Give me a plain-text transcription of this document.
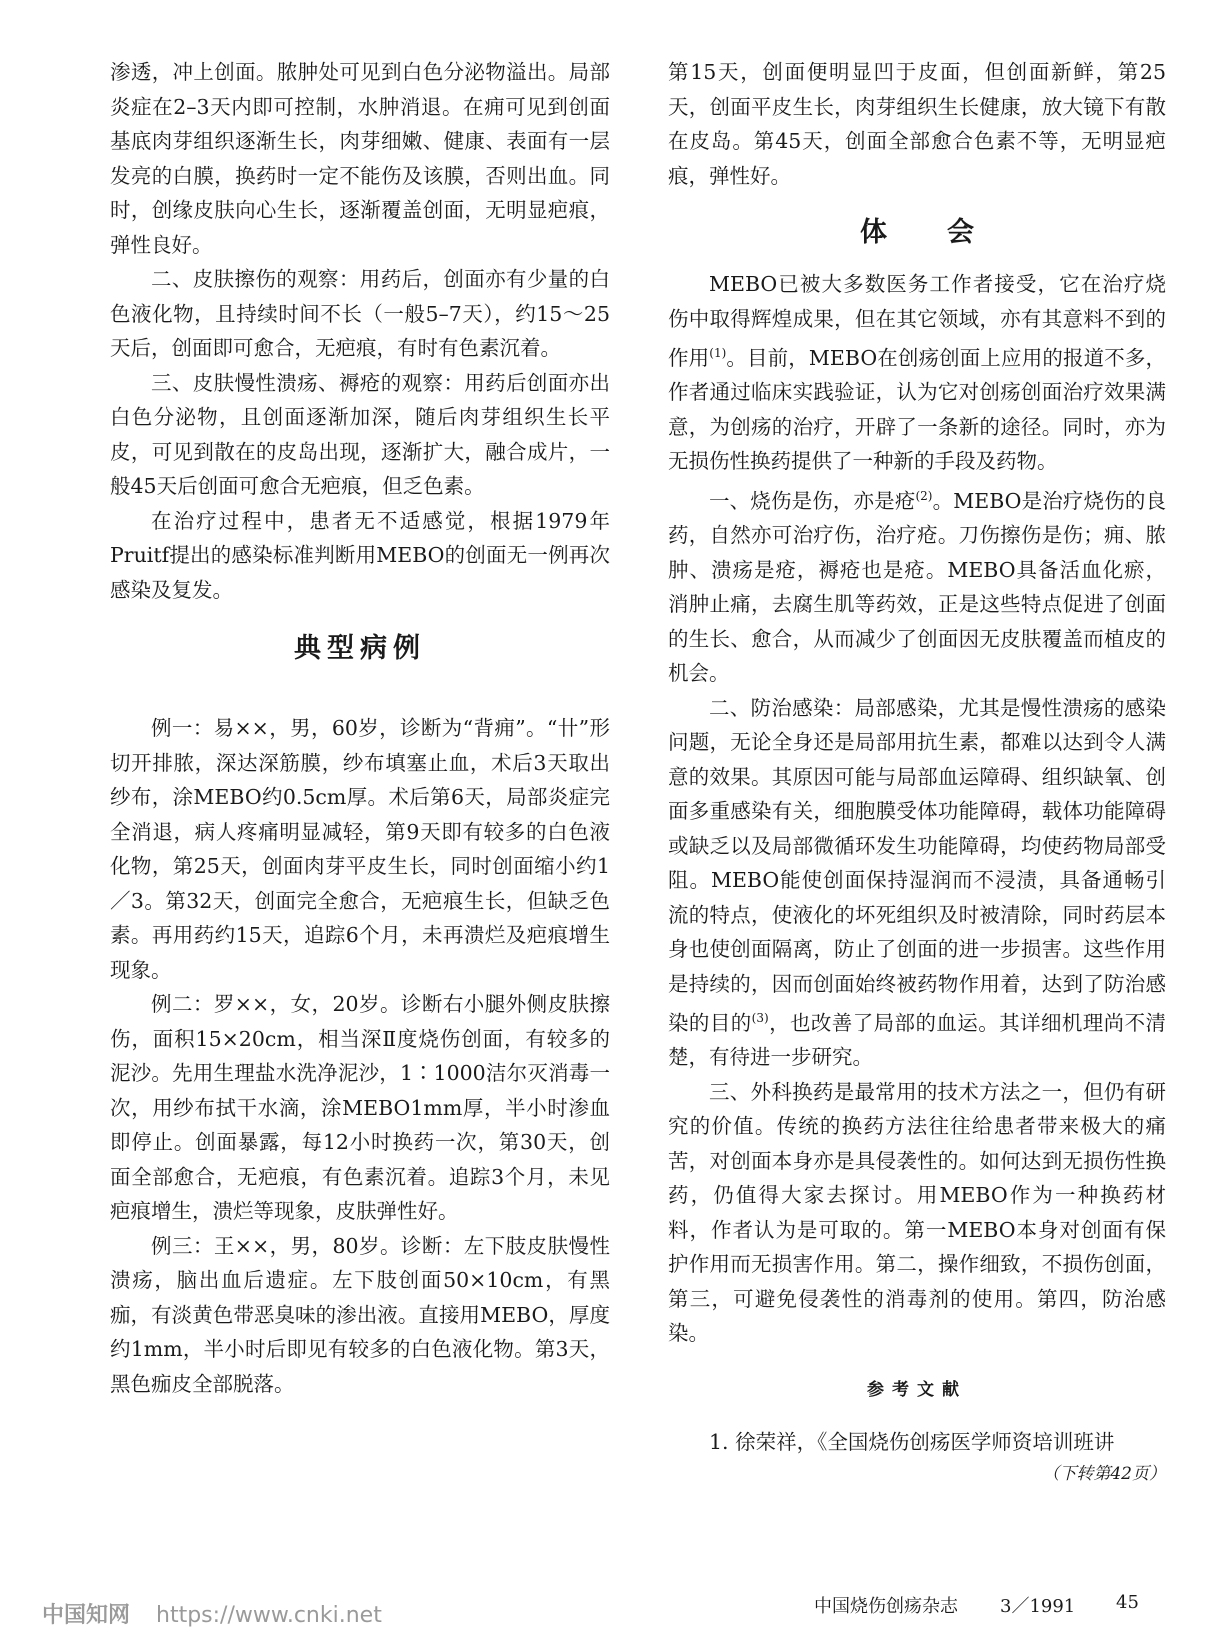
渗透，冲上创面。脓肿处可见到白色分泌物溢出。局部炎症在2–3天内即可控制，水肿消退。在痈可见到创面基底肉芽组织逐渐生长，肉芽细嫩、健康、表面有一层发亮的白膜，换药时一定不能伤及该膜，否则出血。同时，创缘皮肤向心生长，逐渐覆盖创面，无明显疤痕，弹性良好。

二、皮肤擦伤的观察：用药后，创面亦有少量的白色液化物，且持续时间不长（一般5–7天），约15～25天后，创面即可愈合，无疤痕，有时有色素沉着。

三、皮肤慢性溃疡、褥疮的观察：用药后创面亦出白色分泌物，且创面逐渐加深，随后肉芽组织生长平皮，可见到散在的皮岛出现，逐渐扩大，融合成片，一般45天后创面可愈合无疤痕，但乏色素。

在治疗过程中，患者无不适感觉，根据1979年Pruitf提出的感染标准判断用MEBO的创面无一例再次感染及复发。

典型病例

例一：易××，男，60岁，诊断为“背痈”。“卄”形切开排脓，深达深筋膜，纱布填塞止血，术后3天取出纱布，涂MEBO约0.5cm厚。术后第6天，局部炎症完全消退，病人疼痛明显减轻，第9天即有较多的白色液化物，第25天，创面肉芽平皮生长，同时创面缩小约1／3。第32天，创面完全愈合，无疤痕生长，但缺乏色素。再用药约15天，追踪6个月，未再溃烂及疤痕增生现象。

例二：罗××，女，20岁。诊断右小腿外侧皮肤擦伤，面积15×20cm，相当深Ⅱ度烧伤创面，有较多的泥沙。先用生理盐水洗净泥沙，1∶1000洁尔灭消毒一次，用纱布拭干水滴，涂MEBO1mm厚，半小时渗血即停止。创面暴露，每12小时换药一次，第30天，创面全部愈合，无疤痕，有色素沉着。追踪3个月，未见疤痕增生，溃烂等现象，皮肤弹性好。

例三：王××，男，80岁。诊断：左下肢皮肤慢性溃疡，脑出血后遗症。左下肢创面50×10cm，有黑痂，有淡黄色带恶臭味的渗出液。直接用MEBO，厚度约1mm，半小时后即见有较多的白色液化物。第3天，黑色痂皮全部脱落。

第15天，创面便明显凹于皮面，但创面新鲜，第25天，创面平皮生长，肉芽组织生长健康，放大镜下有散在皮岛。第45天，创面全部愈合色素不等，无明显疤痕，弹性好。

体会

MEBO已被大多数医务工作者接受，它在治疗烧伤中取得辉煌成果，但在其它领域，亦有其意料不到的作用$^{(1)}$。目前，MEBO在创疡创面上应用的报道不多，作者通过临床实践验证，认为它对创疡创面治疗效果满意，为创疡的治疗，开辟了一条新的途径。同时，亦为无损伤性换药提供了一种新的手段及药物。

一、烧伤是伤，亦是疮$^{(2)}$。MEBO是治疗烧伤的良药，自然亦可治疗伤，治疗疮。刀伤擦伤是伤；痈、脓肿、溃疡是疮，褥疮也是疮。MEBO具备活血化瘀，消肿止痛，去腐生肌等药效，正是这些特点促进了创面的生长、愈合，从而减少了创面因无皮肤覆盖而植皮的机会。

二、防治感染：局部感染，尤其是慢性溃疡的感染问题，无论全身还是局部用抗生素，都难以达到令人满意的效果。其原因可能与局部血运障碍、组织缺氧、创面多重感染有关，细胞膜受体功能障碍，载体功能障碍或缺乏以及局部微循环发生功能障碍，均使药物局部受阻。MEBO能使创面保持湿润而不浸渍，具备通畅引流的特点，使液化的坏死组织及时被清除，同时药层本身也使创面隔离，防止了创面的进一步损害。这些作用是持续的，因而创面始终被药物作用着，达到了防治感染的目的$^{(3)}$，也改善了局部的血运。其详细机理尚不清楚，有待进一步研究。

三、外科换药是最常用的技术方法之一，但仍有研究的价值。传统的换药方法往往给患者带来极大的痛苦，对创面本身亦是具侵袭性的。如何达到无损伤性换药，仍值得大家去探讨。用MEBO作为一种换药材料，作者认为是可取的。第一MEBO本身对创面有保护作用而无损害作用。第二，操作细致，不损伤创面，第三，可避免侵袭性的消毒剂的使用。第四，防治感染。

参考文献

1. 徐荣祥，《全国烧伤创疡医学师资培训班讲

（下转第42页）

中国知网 https://www.cnki.net	中国烧伤创疡杂志 3／1991 45
